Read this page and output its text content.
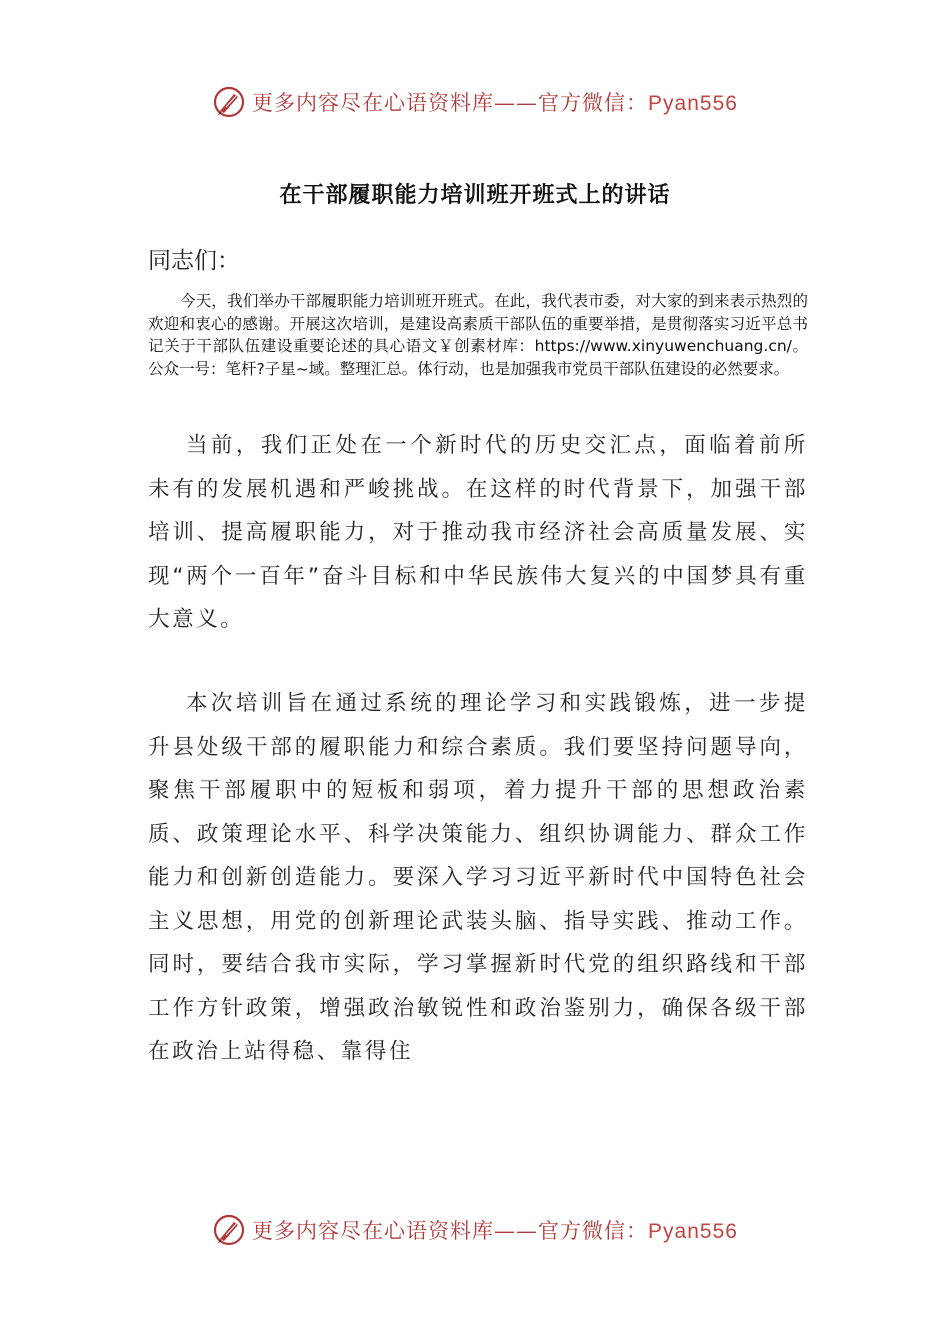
更多内容尽在心语资料库——官方微信：Pyan556
在干部履职能力培训班开班式上的讲话
同志们：
今天，我们举办干部履职能力培训班开班式。在此，我代表市委，对大家的到来表示热烈的欢迎和衷心的感谢。开展这次培训，是建设高素质干部队伍的重要举措，是贯彻落实习近平总书记关于干部队伍建设重要论述的具心语文￥创素材库：https://www.xinyuwenchuang.cn/。公众一号：笔杆?子星~域。整理汇总。体行动，也是加强我市党员干部队伍建设的必然要求。
当前，我们正处在一个新时代的历史交汇点，面临着前所未有的发展机遇和严峻挑战。在这样的时代背景下，加强干部培训、提高履职能力，对于推动我市经济社会高质量发展、实现“两个一百年”奋斗目标和中华民族伟大复兴的中国梦具有重大意义。
本次培训旨在通过系统的理论学习和实践锻炼，进一步提升县处级干部的履职能力和综合素质。我们要坚持问题导向，聚焦干部履职中的短板和弱项，着力提升干部的思想政治素质、政策理论水平、科学决策能力、组织协调能力、群众工作能力和创新创造能力。要深入学习习近平新时代中国特色社会主义思想，用党的创新理论武装头脑、指导实践、推动工作。同时，要结合我市实际，学习掌握新时代党的组织路线和干部工作方针政策，增强政治敏锐性和政治鉴别力，确保各级干部在政治上站得稳、靠得住
更多内容尽在心语资料库——官方微信：Pyan556
